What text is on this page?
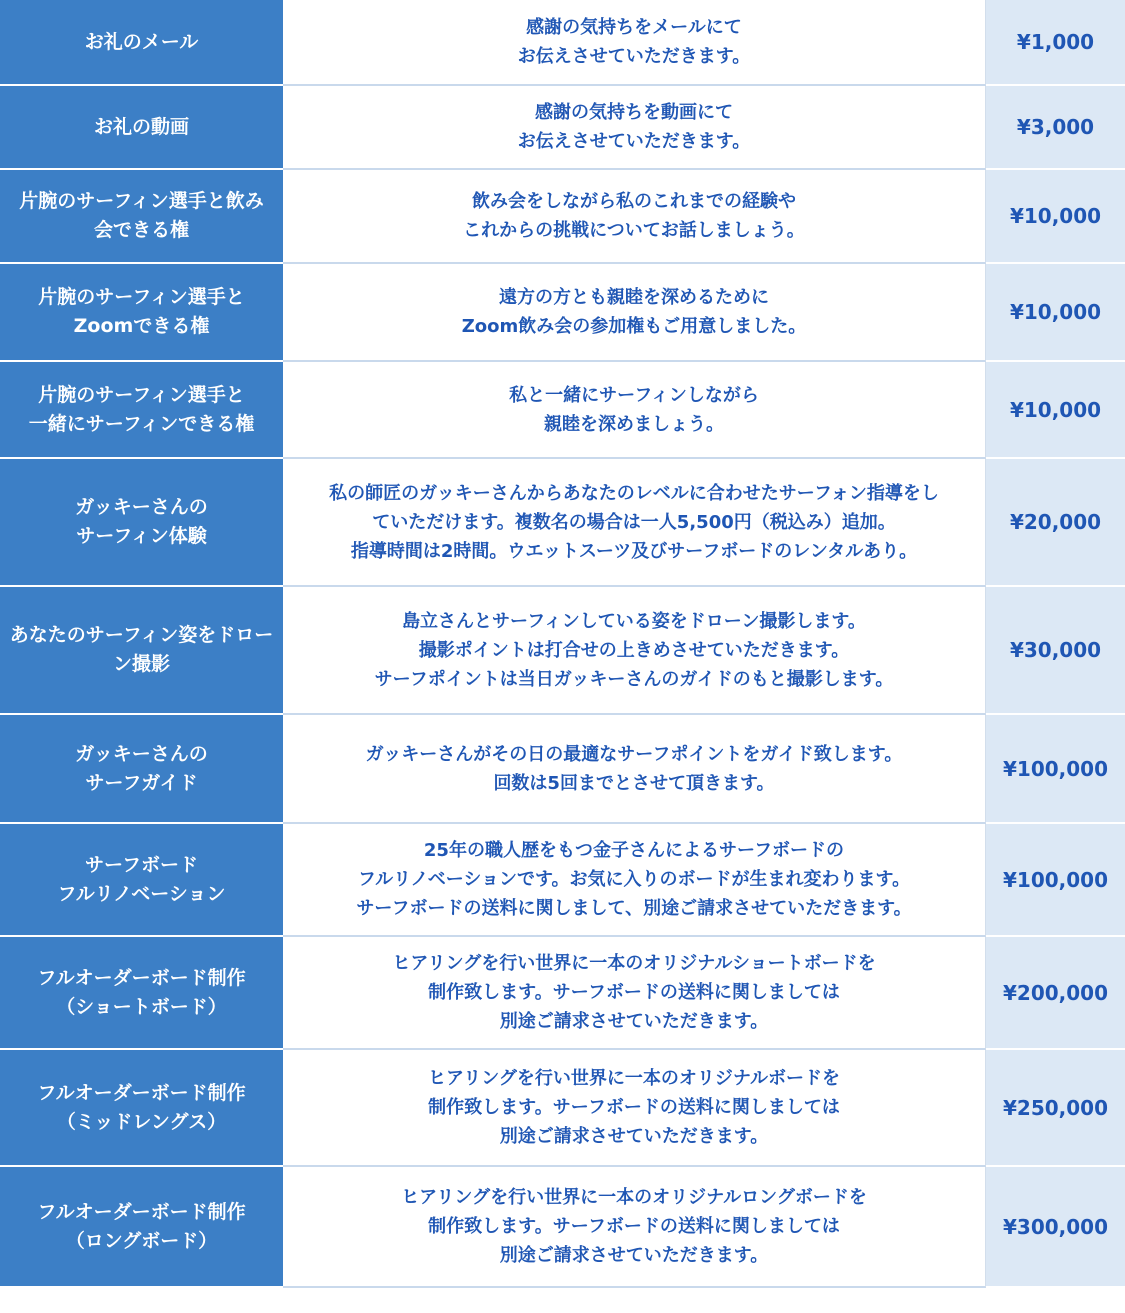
お礼のメール
感謝の気持ちをメールにて
お伝えさせていただきます。
¥1,000
お礼の動画
感謝の気持ちを動画にて
お伝えさせていただきます。
¥3,000
片腕のサーフィン選手と飲み
会できる権
飲み会をしながら私のこれまでの経験や
これからの挑戦についてお話しましょう。
¥10,000
片腕のサーフィン選手と
Zoomできる権
遠方の方とも親睦を深めるために
Zoom飲み会の参加権もご用意しました。
¥10,000
片腕のサーフィン選手と
一緒にサーフィンできる権
私と一緒にサーフィンしながら
親睦を深めましょう。
¥10,000
ガッキーさんの
サーフィン体験
私の師匠のガッキーさんからあなたのレベルに合わせたサーフォン指導をし
ていただけます。複数名の場合は一人5,500円（税込み）追加。
指導時間は2時間。ウエットスーツ及びサーフボードのレンタルあり。
¥20,000
あなたのサーフィン姿をドロー
ン撮影
島立さんとサーフィンしている姿をドローン撮影します。
撮影ポイントは打合せの上きめさせていただきます。
サーフポイントは当日ガッキーさんのガイドのもと撮影します。
¥30,000
ガッキーさんの
サーフガイド
ガッキーさんがその日の最適なサーフポイントをガイド致します。
回数は5回までとさせて頂きます。
¥100,000
サーフボード
フルリノベーション
25年の職人歴をもつ金子さんによるサーフボードの
フルリノベーションです。お気に入りのボードが生まれ変わります。
サーフボードの送料に関しまして、別途ご請求させていただきます。
¥100,000
フルオーダーボード制作
（ショートボード）
ヒアリングを行い世界に一本のオリジナルショートボードを
制作致します。サーフボードの送料に関しましては
別途ご請求させていただきます。
¥200,000
フルオーダーボード制作
（ミッドレングス）
ヒアリングを行い世界に一本のオリジナルボードを
制作致します。サーフボードの送料に関しましては
別途ご請求させていただきます。
¥250,000
フルオーダーボード制作
（ロングボード）
ヒアリングを行い世界に一本のオリジナルロングボードを
制作致します。サーフボードの送料に関しましては
別途ご請求させていただきます。
¥300,000
